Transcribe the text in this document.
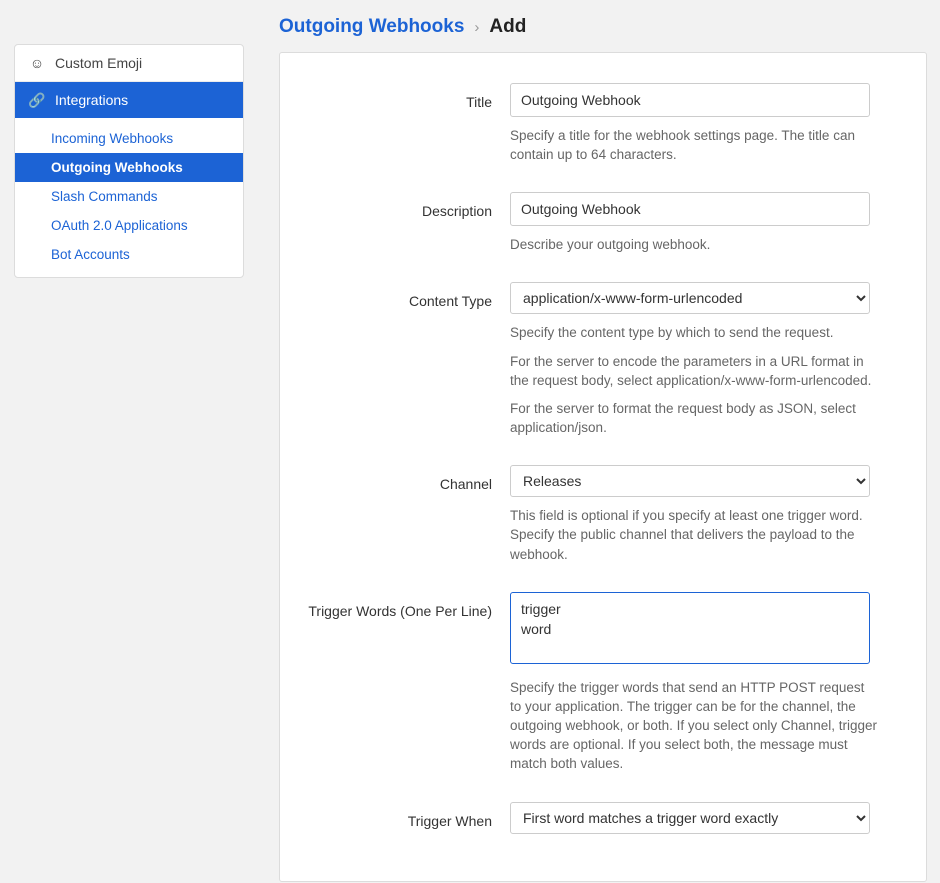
☺ Custom Emoji
🔗 Integrations
Incoming Webhooks
Outgoing Webhooks
Slash Commands
OAuth 2.0 Applications
Bot Accounts
Outgoing Webhooks › Add
Title
Outgoing Webhook

Specify a title for the webhook settings page. The title can contain up to 64 characters.

Description
Outgoing Webhook

Describe your outgoing webhook.

Content Type
application/x-www-form-urlencoded

Specify the content type by which to send the request.

For the server to encode the parameters in a URL format in the request body, select application/x-www-form-urlencoded.

For the server to format the request body as JSON, select application/json.

Channel
Releases

This field is optional if you specify at least one trigger word. Specify the public channel that delivers the payload to the webhook.

Trigger Words (One Per Line)
trigger word

Specify the trigger words that send an HTTP POST request to your application. The trigger can be for the channel, the outgoing webhook, or both. If you select only Channel, trigger words are optional. If you select both, the message must match both values.

Trigger When
First word matches a trigger word exactly
